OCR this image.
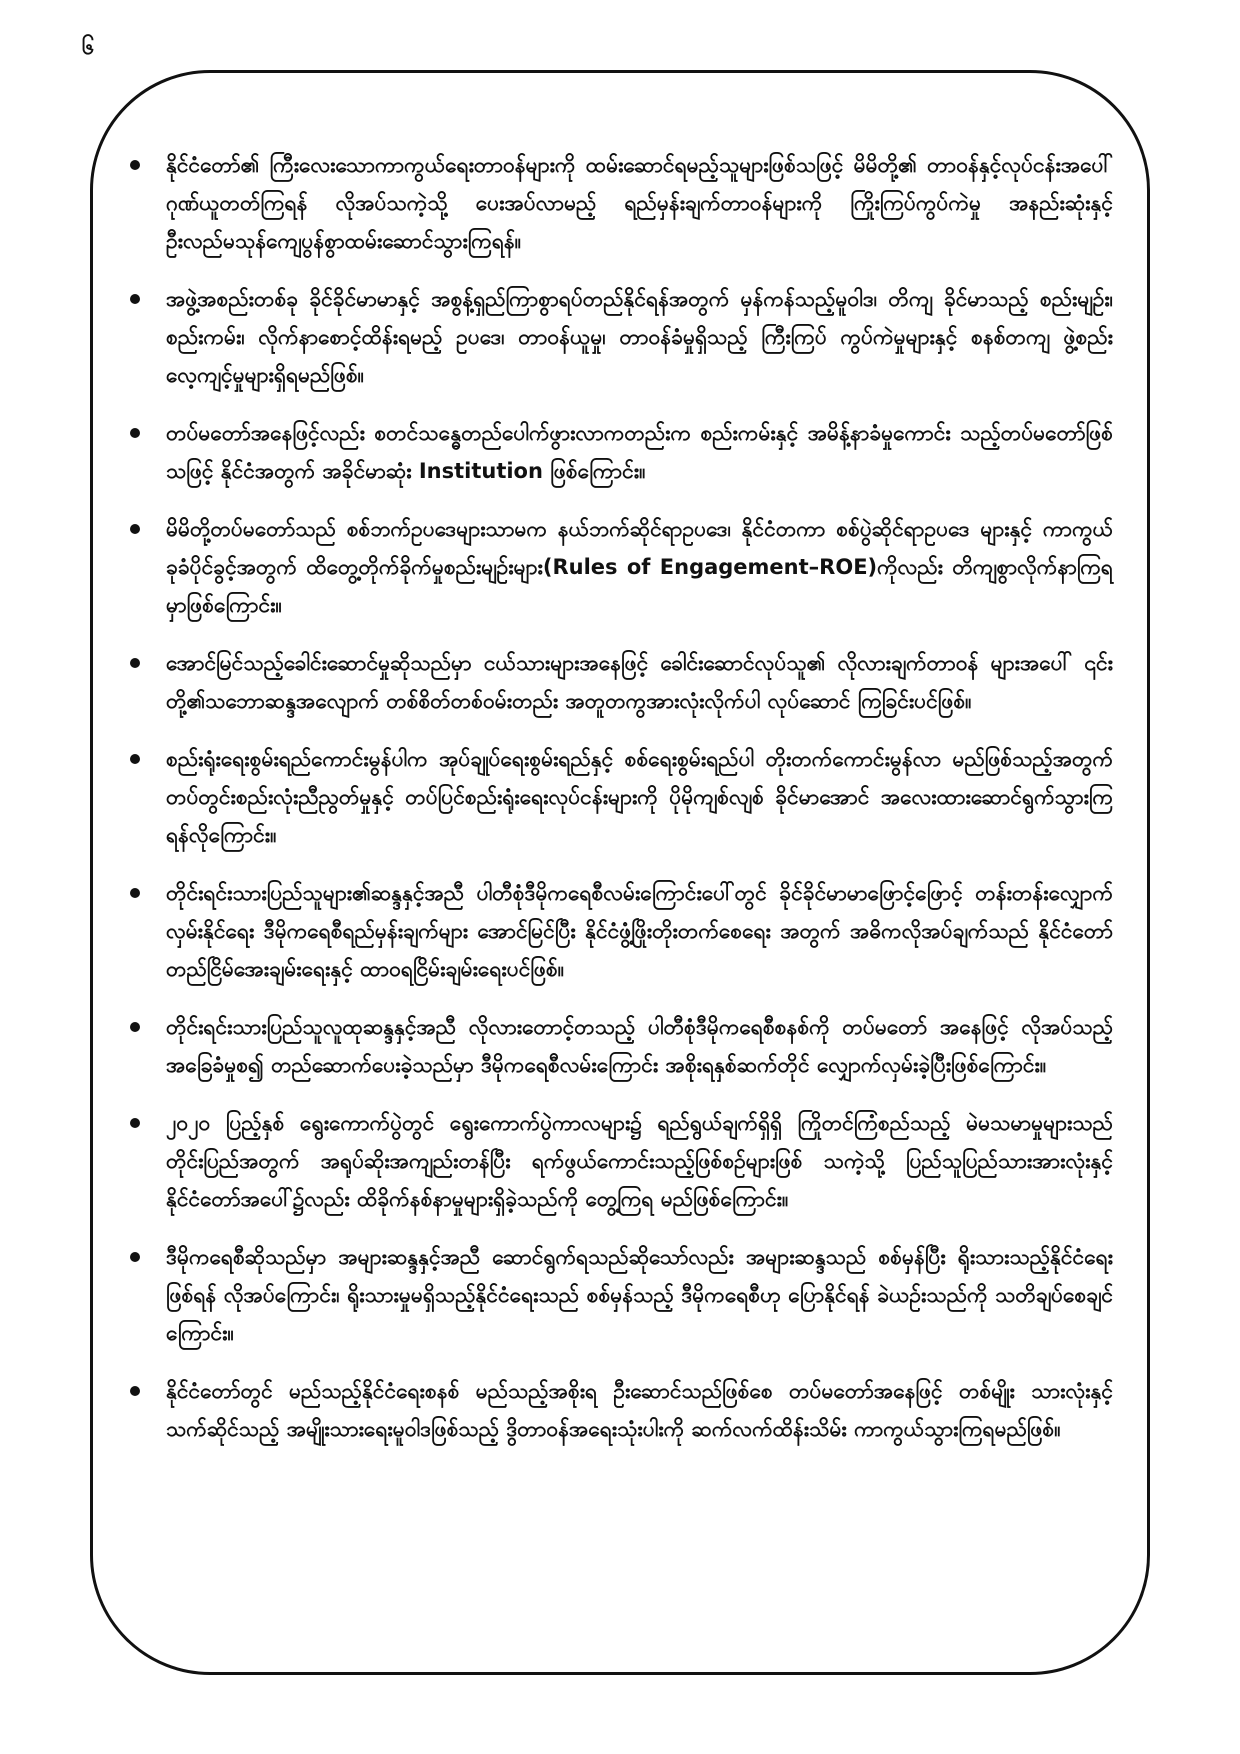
၆
နိုင်ငံတော်၏ ကြီးလေးသောကာကွယ်ရေးတာဝန်များကို ထမ်းဆောင်ရမည့်သူများဖြစ်သဖြင့် မိမိတို့၏ တာဝန်နှင့်လုပ်ငန်းအပေါ် ဂုဏ်ယူတတ်ကြရန် လိုအပ်သကဲ့သို့ ပေးအပ်လာမည့် ရည်မှန်းချက်တာဝန်များကို ကြိုးကြပ်ကွပ်ကဲမှု အနည်းဆုံးနှင့် ဦးလည်မသုန်ကျေပွန်စွာထမ်းဆောင်သွားကြရန်။
အဖွဲ့အစည်းတစ်ခု ခိုင်ခိုင်မာမာနှင့် အစွန့်ရှည်ကြာစွာရပ်တည်နိုင်ရန်အတွက် မှန်ကန်သည့်မူဝါဒ၊ တိကျ ခိုင်မာသည့် စည်းမျဉ်း၊ စည်းကမ်း၊ လိုက်နာစောင့်ထိန်းရမည့် ဥပဒေ၊ တာဝန်ယူမှု၊ တာဝန်ခံမှုရှိသည့် ကြီးကြပ် ကွပ်ကဲမှုများနှင့် စနစ်တကျ ဖွဲ့စည်းလေ့ကျင့်မှုများရှိရမည်ဖြစ်။
တပ်မတော်အနေဖြင့်လည်း စတင်သန္ဓေတည်ပေါက်ဖွားလာကတည်းက စည်းကမ်းနှင့် အမိန့်နာခံမှုကောင်း သည့်တပ်မတော်ဖြစ်သဖြင့် နိုင်ငံအတွက် အခိုင်မာဆုံး Institution ဖြစ်ကြောင်း။
မိမိတို့တပ်မတော်သည် စစ်ဘက်ဥပဒေများသာမက နယ်ဘက်ဆိုင်ရာဥပဒေ၊ နိုင်ငံတကာ စစ်ပွဲဆိုင်ရာဥပဒေ များနှင့် ကာကွယ်ခုခံပိုင်ခွင့်အတွက် ထိတွေ့တိုက်ခိုက်မှုစည်းမျဉ်းများ(Rules of Engagement–ROE)ကိုလည်း တိကျစွာလိုက်နာကြရမှာဖြစ်ကြောင်း။
အောင်မြင်သည့်ခေါင်းဆောင်မှုဆိုသည်မှာ ငယ်သားများအနေဖြင့် ခေါင်းဆောင်လုပ်သူ၏ လိုလားချက်တာဝန် များအပေါ် ၎င်းတို့၏သဘောဆန္ဒအလျောက် တစ်စိတ်တစ်ဝမ်းတည်း အတူတကွအားလုံးလိုက်ပါ လုပ်ဆောင် ကြခြင်းပင်ဖြစ်။
စည်းရုံးရေးစွမ်းရည်ကောင်းမွန်ပါက အုပ်ချုပ်ရေးစွမ်းရည်နှင့် စစ်ရေးစွမ်းရည်ပါ တိုးတက်ကောင်းမွန်လာ မည်ဖြစ်သည့်အတွက် တပ်တွင်းစည်းလုံးညီညွတ်မှုနှင့် တပ်ပြင်စည်းရုံးရေးလုပ်ငန်းများကို ပိုမိုကျစ်လျစ် ခိုင်မာအောင် အလေးထားဆောင်ရွက်သွားကြရန်လိုကြောင်း။
တိုင်းရင်းသားပြည်သူများ၏ဆန္ဒနှင့်အညီ ပါတီစုံဒီမိုကရေစီလမ်းကြောင်းပေါ်တွင် ခိုင်ခိုင်မာမာဖြောင့်ဖြောင့် တန်းတန်းလျှောက်လှမ်းနိုင်ရေး ဒီမိုကရေစီရည်မှန်းချက်များ အောင်မြင်ပြီး နိုင်ငံဖွံ့ဖြိုးတိုးတက်စေရေး အတွက် အဓိကလိုအပ်ချက်သည် နိုင်ငံတော်တည်ငြိမ်အေးချမ်းရေးနှင့် ထာဝရငြိမ်းချမ်းရေးပင်ဖြစ်။
တိုင်းရင်းသားပြည်သူလူထုဆန္ဒနှင့်အညီ လိုလားတောင့်တသည့် ပါတီစုံဒီမိုကရေစီစနစ်ကို တပ်မတော် အနေဖြင့် လိုအပ်သည့်အခြေခံမှုစ၍ တည်ဆောက်ပေးခဲ့သည်မှာ ဒီမိုကရေစီလမ်းကြောင်း အစိုးရနှစ်ဆက်တိုင် လျှောက်လှမ်းခဲ့ပြီးဖြစ်ကြောင်း။
၂၀၂၀ ပြည့်နှစ် ရွေးကောက်ပွဲတွင် ရွေးကောက်ပွဲကာလများ၌ ရည်ရွယ်ချက်ရှိရှိ ကြိုတင်ကြံစည်သည့် မဲမသမာမှုများသည် တိုင်းပြည်အတွက် အရုပ်ဆိုးအကျည်းတန်ပြီး ရက်ဖွယ်ကောင်းသည့်ဖြစ်စဉ်များဖြစ် သကဲ့သို့ ပြည်သူပြည်သားအားလုံးနှင့် နိုင်ငံတော်အပေါ်၌လည်း ထိခိုက်နစ်နာမှုများရှိခဲ့သည်ကို တွေ့ကြရ မည်ဖြစ်ကြောင်း။
ဒီမိုကရေစီဆိုသည်မှာ အများဆန္ဒနှင့်အညီ ဆောင်ရွက်ရသည်ဆိုသော်လည်း အများဆန္ဒသည် စစ်မှန်ပြီး ရိုးသားသည့်နိုင်ငံရေးဖြစ်ရန် လိုအပ်ကြောင်း၊ ရိုးသားမှုမရှိသည့်နိုင်ငံရေးသည် စစ်မှန်သည့် ဒီမိုကရေစီဟု ပြောနိုင်ရန် ခဲယဉ်းသည်ကို သတိချပ်စေချင်ကြောင်း။
နိုင်ငံတော်တွင် မည်သည့်နိုင်ငံရေးစနစ် မည်သည့်အစိုးရ ဦးဆောင်သည်ဖြစ်စေ တပ်မတော်အနေဖြင့် တစ်မျိုး သားလုံးနှင့်သက်ဆိုင်သည့် အမျိုးသားရေးမူဝါဒဖြစ်သည့် ဒွိတာဝန်အရေးသုံးပါးကို ဆက်လက်ထိန်းသိမ်း ကာကွယ်သွားကြရမည်ဖြစ်။
